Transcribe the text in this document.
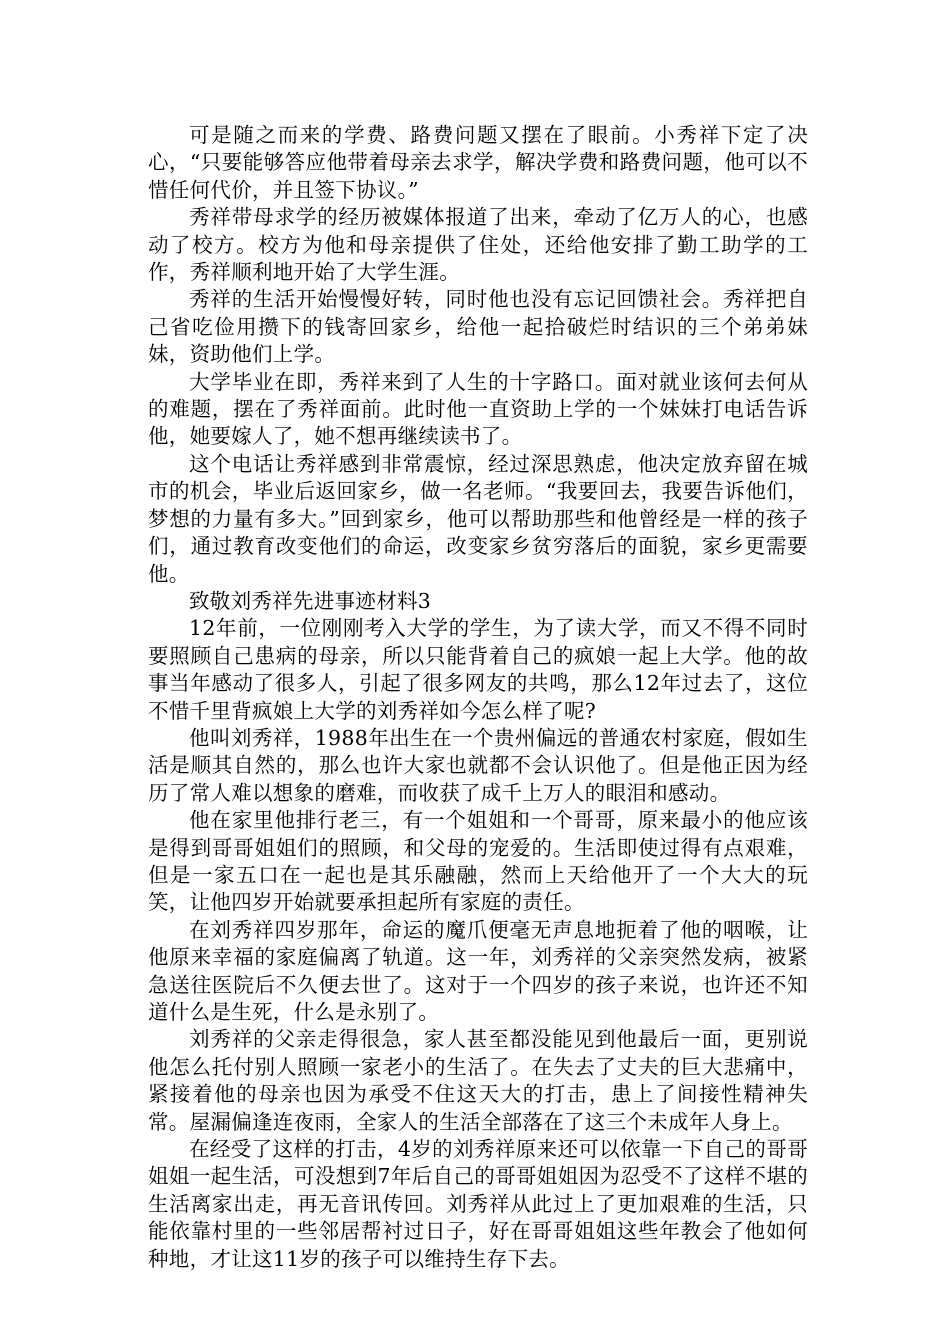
可是随之而来的学费、路费问题又摆在了眼前。小秀祥下定了决心，“只要能够答应他带着母亲去求学，解决学费和路费问题，他可以不惜任何代价，并且签下协议。”

秀祥带母求学的经历被媒体报道了出来，牵动了亿万人的心，也感动了校方。校方为他和母亲提供了住处，还给他安排了勤工助学的工作，秀祥顺利地开始了大学生涯。

秀祥的生活开始慢慢好转，同时他也没有忘记回馈社会。秀祥把自己省吃俭用攒下的钱寄回家乡，给他一起拾破烂时结识的三个弟弟妹妹，资助他们上学。

大学毕业在即，秀祥来到了人生的十字路口。面对就业该何去何从的难题，摆在了秀祥面前。此时他一直资助上学的一个妹妹打电话告诉他，她要嫁人了，她不想再继续读书了。

这个电话让秀祥感到非常震惊，经过深思熟虑，他决定放弃留在城市的机会，毕业后返回家乡，做一名老师。“我要回去，我要告诉他们，梦想的力量有多大。”回到家乡，他可以帮助那些和他曾经是一样的孩子们，通过教育改变他们的命运，改变家乡贫穷落后的面貌，家乡更需要他。

致敬刘秀祥先进事迹材料3

12年前，一位刚刚考入大学的学生，为了读大学，而又不得不同时要照顾自己患病的母亲，所以只能背着自己的疯娘一起上大学。他的故事当年感动了很多人，引起了很多网友的共鸣，那么12年过去了，这位不惜千里背疯娘上大学的刘秀祥如今怎么样了呢?

他叫刘秀祥，1988年出生在一个贵州偏远的普通农村家庭，假如生活是顺其自然的，那么也许大家也就都不会认识他了。但是他正因为经历了常人难以想象的磨难，而收获了成千上万人的眼泪和感动。

他在家里他排行老三，有一个姐姐和一个哥哥，原来最小的他应该是得到哥哥姐姐们的照顾，和父母的宠爱的。生活即使过得有点艰难，但是一家五口在一起也是其乐融融，然而上天给他开了一个大大的玩笑，让他四岁开始就要承担起所有家庭的责任。

在刘秀祥四岁那年，命运的魔爪便毫无声息地扼着了他的咽喉，让他原来幸福的家庭偏离了轨道。这一年，刘秀祥的父亲突然发病，被紧急送往医院后不久便去世了。这对于一个四岁的孩子来说，也许还不知道什么是生死，什么是永别了。

刘秀祥的父亲走得很急，家人甚至都没能见到他最后一面，更别说他怎么托付别人照顾一家老小的生活了。在失去了丈夫的巨大悲痛中，紧接着他的母亲也因为承受不住这天大的打击，患上了间接性精神失常。屋漏偏逢连夜雨，全家人的生活全部落在了这三个未成年人身上。

在经受了这样的打击，4岁的刘秀祥原来还可以依靠一下自己的哥哥姐姐一起生活，可没想到7年后自己的哥哥姐姐因为忍受不了这样不堪的生活离家出走，再无音讯传回。刘秀祥从此过上了更加艰难的生活，只能依靠村里的一些邻居帮衬过日子，好在哥哥姐姐这些年教会了他如何种地，才让这11岁的孩子可以维持生存下去。
